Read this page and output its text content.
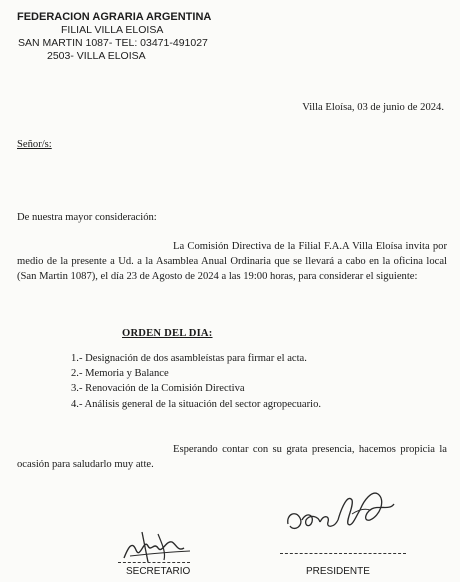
FEDERACION AGRARIA ARGENTINA
FILIAL VILLA ELOISA
SAN MARTIN 1087- TEL: 03471-491027
2503- VILLA ELOISA
Villa Eloísa, 03 de junio de 2024.
Señor/s:
De nuestra mayor consideración:
La Comisión Directiva de la Filial F.A.A Villa Eloísa invita por medio de la presente a Ud. a la Asamblea Anual Ordinaria que se llevará a cabo en la oficina local (San Martin 1087), el día 23 de Agosto de 2024 a las 19:00 horas, para considerar el siguiente:
ORDEN DEL DIA:
1.- Designación de dos asambleístas para firmar el acta.
2.- Memoria y Balance
3.- Renovación de la Comisión Directiva
4.- Análisis general de la situación del sector agropecuario.
Esperando contar con su grata presencia, hacemos propicia la ocasión para saludarlo muy atte.
SECRETARIO	PRESIDENTE
